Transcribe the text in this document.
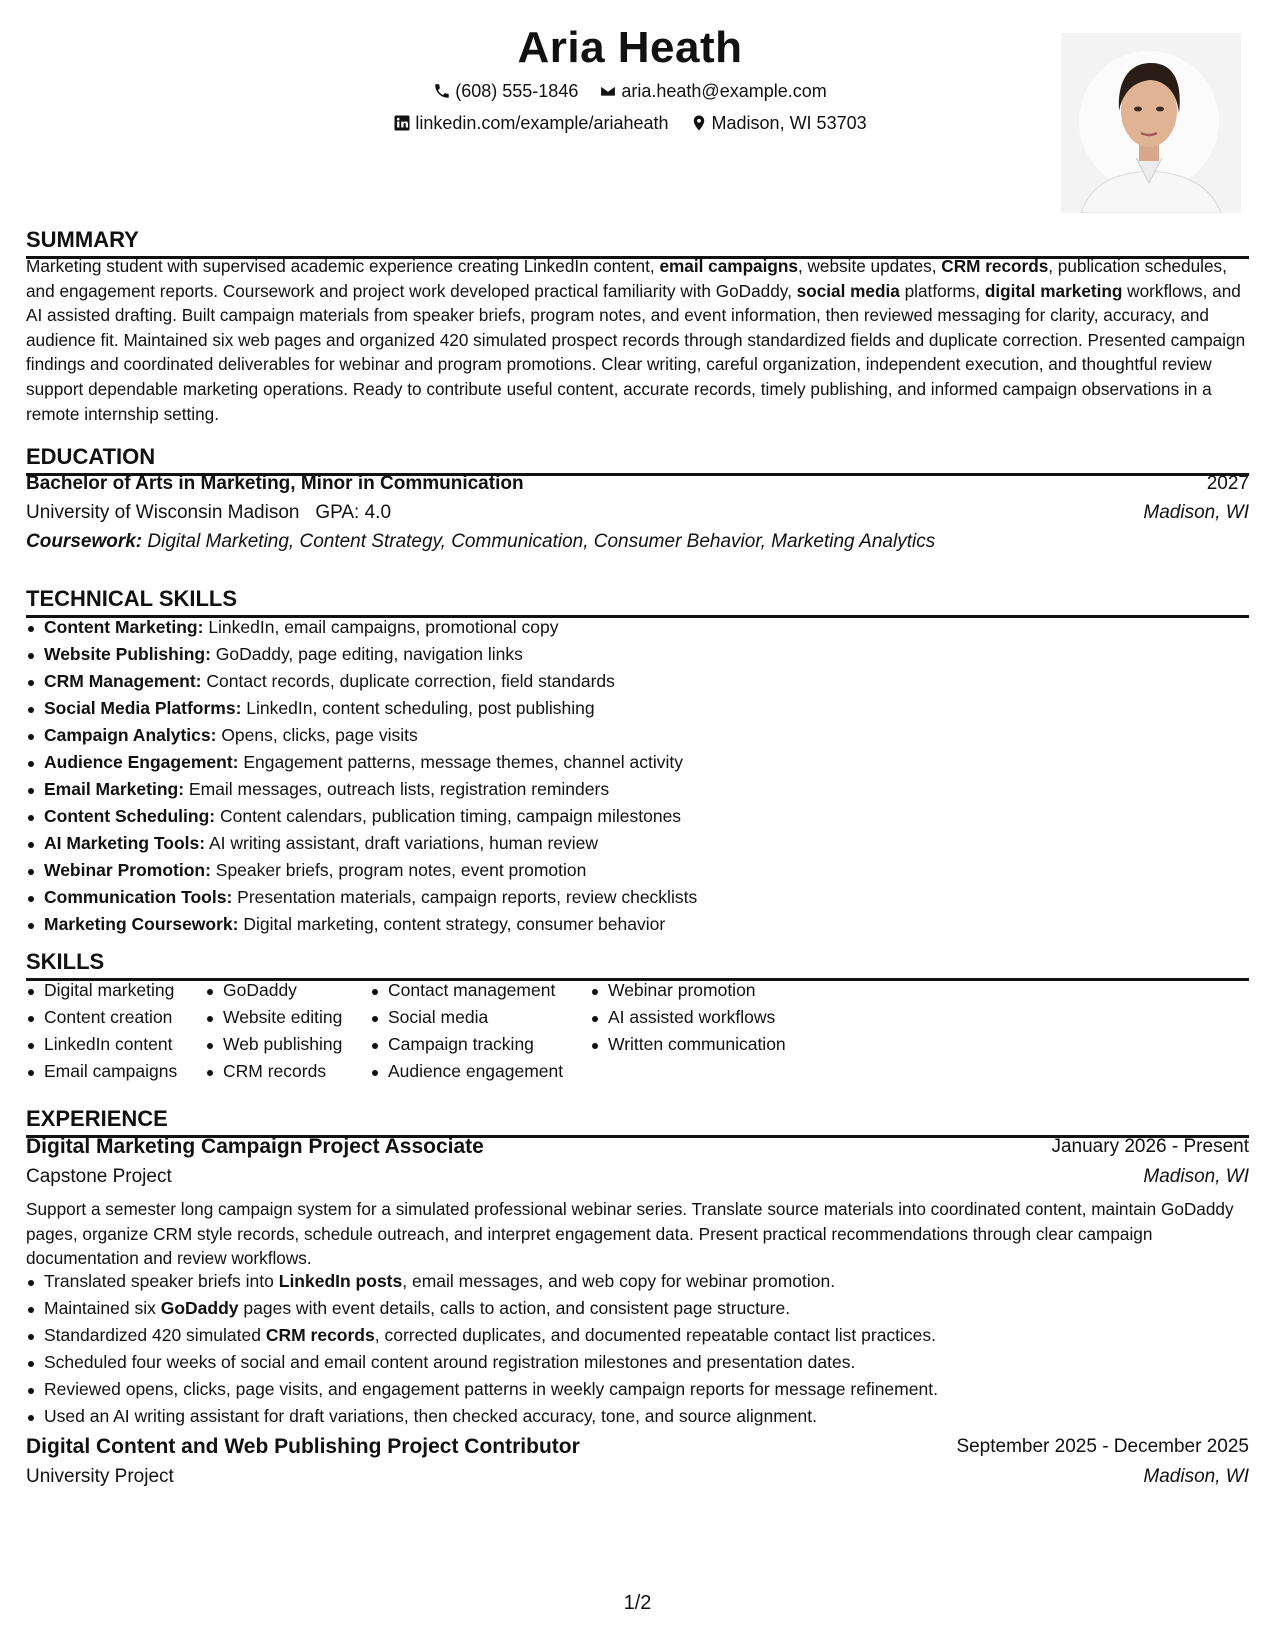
Aria Heath
(608) 555-1846
aria.heath@example.com
linkedin.com/example/ariaheath
Madison, WI 53703
SUMMARY
Marketing student with supervised academic experience creating LinkedIn content, email campaigns, website updates, CRM records, publication schedules, and engagement reports. Coursework and project work developed practical familiarity with GoDaddy, social media platforms, digital marketing workflows, and AI assisted drafting. Built campaign materials from speaker briefs, program notes, and event information, then reviewed messaging for clarity, accuracy, and audience fit. Maintained six web pages and organized 420 simulated prospect records through standardized fields and duplicate correction. Presented campaign findings and coordinated deliverables for webinar and program promotions. Clear writing, careful organization, independent execution, and thoughtful review support dependable marketing operations. Ready to contribute useful content, accurate records, timely publishing, and informed campaign observations in a remote internship setting.
EDUCATION
Bachelor of Arts in Marketing, Minor in Communication	2027
University of Wisconsin Madison GPA: 4.0	Madison, WI
Coursework: Digital Marketing, Content Strategy, Communication, Consumer Behavior, Marketing Analytics
TECHNICAL SKILLS
Content Marketing: LinkedIn, email campaigns, promotional copy
Website Publishing: GoDaddy, page editing, navigation links
CRM Management: Contact records, duplicate correction, field standards
Social Media Platforms: LinkedIn, content scheduling, post publishing
Campaign Analytics: Opens, clicks, page visits
Audience Engagement: Engagement patterns, message themes, channel activity
Email Marketing: Email messages, outreach lists, registration reminders
Content Scheduling: Content calendars, publication timing, campaign milestones
AI Marketing Tools: AI writing assistant, draft variations, human review
Webinar Promotion: Speaker briefs, program notes, event promotion
Communication Tools: Presentation materials, campaign reports, review checklists
Marketing Coursework: Digital marketing, content strategy, consumer behavior
SKILLS
Digital marketing
Content creation
LinkedIn content
Email campaigns
GoDaddy
Website editing
Web publishing
CRM records
Contact management
Social media
Campaign tracking
Audience engagement
Webinar promotion
AI assisted workflows
Written communication
EXPERIENCE
Digital Marketing Campaign Project Associate	January 2026 - Present
Capstone Project	Madison, WI
Support a semester long campaign system for a simulated professional webinar series. Translate source materials into coordinated content, maintain GoDaddy pages, organize CRM style records, schedule outreach, and interpret engagement data. Present practical recommendations through clear campaign documentation and review workflows.
Translated speaker briefs into LinkedIn posts, email messages, and web copy for webinar promotion.
Maintained six GoDaddy pages with event details, calls to action, and consistent page structure.
Standardized 420 simulated CRM records, corrected duplicates, and documented repeatable contact list practices.
Scheduled four weeks of social and email content around registration milestones and presentation dates.
Reviewed opens, clicks, page visits, and engagement patterns in weekly campaign reports for message refinement.
Used an AI writing assistant for draft variations, then checked accuracy, tone, and source alignment.
Digital Content and Web Publishing Project Contributor	September 2025 - December 2025
University Project	Madison, WI
1/2
